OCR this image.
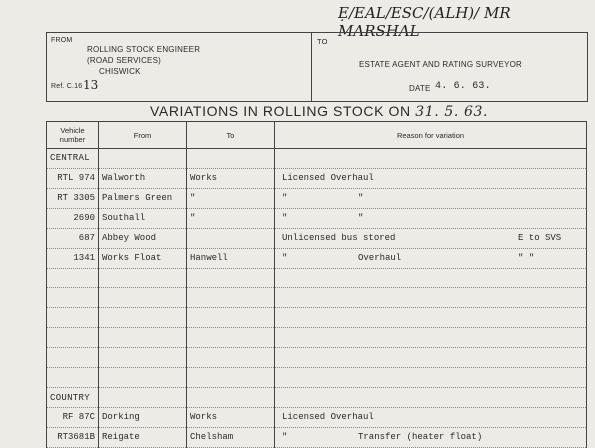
Ẹ/EAL/ESC/(ALH)/ MR MARSHAL
FROM
ROLLING STOCK ENGINEER
(ROAD SERVICES)
CHISWICK
Ref. C.16 13
TO
ESTATE AGENT AND RATING SURVEYOR
DATE 4. 6. 63.
VARIATIONS IN ROLLING STOCK ON 31. 5. 63.
Vehicle number	From	To	Reason for variation
CENTRAL			
RTL 974	Walworth	Works	Licensed Overhaul

RT 3305	Palmers Green	"	" "

2690	Southall	"	" "

687	Abbey Wood		Unlicensed bus stored E to SVS

1341	Works Float	Hanwell	" Overhaul " "

COUNTRY			
RF 87C	Dorking	Works	Licensed Overhaul

RT3681B	Reigate	Chelsham	" Transfer (heater float)
